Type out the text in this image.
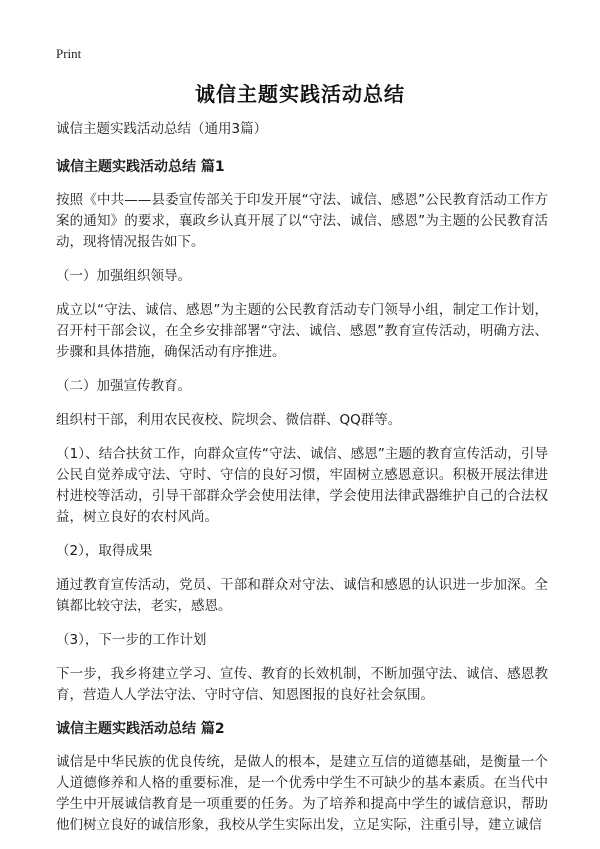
Print
诚信主题实践活动总结
诚信主题实践活动总结（通用3篇）
诚信主题实践活动总结 篇1
按照《中共——县委宣传部关于印发开展“守法、诚信、感恩”公民教育活动工作方案的通知》的要求，襄政乡认真开展了以“守法、诚信、感恩”为主题的公民教育活动，现将情况报告如下。
（一）加强组织领导。
成立以“守法、诚信、感恩”为主题的公民教育活动专门领导小组，制定工作计划，召开村干部会议，在全乡安排部署“守法、诚信、感恩”教育宣传活动，明确方法、步骤和具体措施，确保活动有序推进。
（二）加强宣传教育。
组织村干部，利用农民夜校、院坝会、微信群、QQ群等。
（1）、结合扶贫工作，向群众宣传“守法、诚信、感恩”主题的教育宣传活动，引导公民自觉养成守法、守时、守信的良好习惯，牢固树立感恩意识。积极开展法律进村进校等活动，引导干部群众学会使用法律，学会使用法律武器维护自己的合法权益，树立良好的农村风尚。
（2），取得成果
通过教育宣传活动，党员、干部和群众对守法、诚信和感恩的认识进一步加深。全镇都比较守法，老实，感恩。
（3），下一步的工作计划
下一步，我乡将建立学习、宣传、教育的长效机制，不断加强守法、诚信、感恩教育，营造人人学法守法、守时守信、知恩图报的良好社会氛围。
诚信主题实践活动总结 篇2
诚信是中华民族的优良传统，是做人的根本，是建立互信的道德基础，是衡量一个人道德修养和人格的重要标准，是一个优秀中学生不可缺少的基本素质。在当代中学生中开展诚信教育是一项重要的任务。为了培养和提高中学生的诚信意识，帮助他们树立良好的诚信形象，我校从学生实际出发，立足实际，注重引导，建立诚信
